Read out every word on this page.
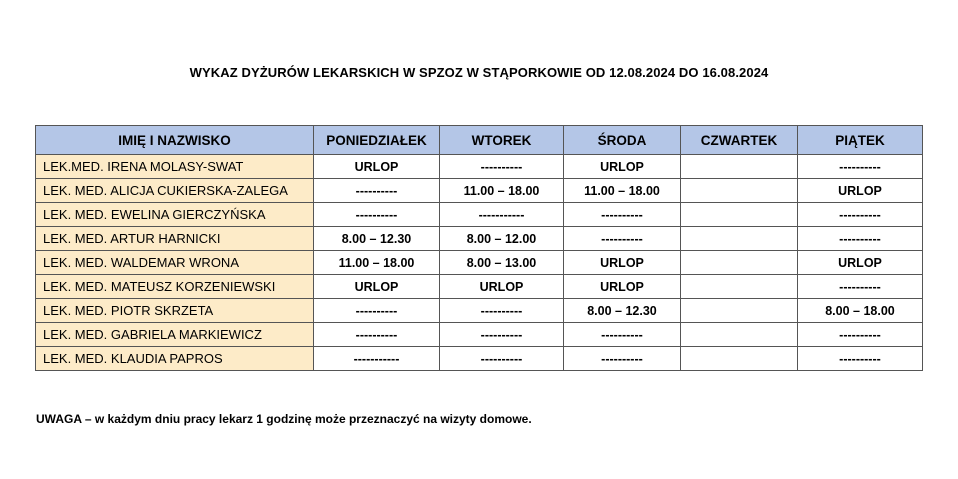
WYKAZ DYŻURÓW LEKARSKICH W SPZOZ W STĄPORKOWIE OD 12.08.2024 DO 16.08.2024
IMIĘ I NAZWISKO	PONIEDZIAŁEK	WTOREK	ŚRODA	CZWARTEK	PIĄTEK
LEK.MED. IRENA MOLASY-SWAT	URLOP	----------	URLOP		----------
LEK. MED. ALICJA CUKIERSKA-ZALEGA	----------	11.00 – 18.00	11.00 – 18.00		URLOP
LEK. MED. EWELINA GIERCZYŃSKA	----------	-----------	----------		----------
LEK. MED. ARTUR HARNICKI	8.00 – 12.30	8.00 – 12.00	----------		----------
LEK. MED. WALDEMAR WRONA	11.00 – 18.00	8.00 – 13.00	URLOP		URLOP
LEK. MED. MATEUSZ KORZENIEWSKI	URLOP	URLOP	URLOP		----------
LEK. MED. PIOTR SKRZETA	----------	----------	8.00 – 12.30		8.00 – 18.00
LEK. MED. GABRIELA MARKIEWICZ	----------	----------	----------		----------
LEK. MED. KLAUDIA PAPROS	-----------	----------	----------		----------
UWAGA – w każdym dniu pracy lekarz 1 godzinę może przeznaczyć na wizyty domowe.
